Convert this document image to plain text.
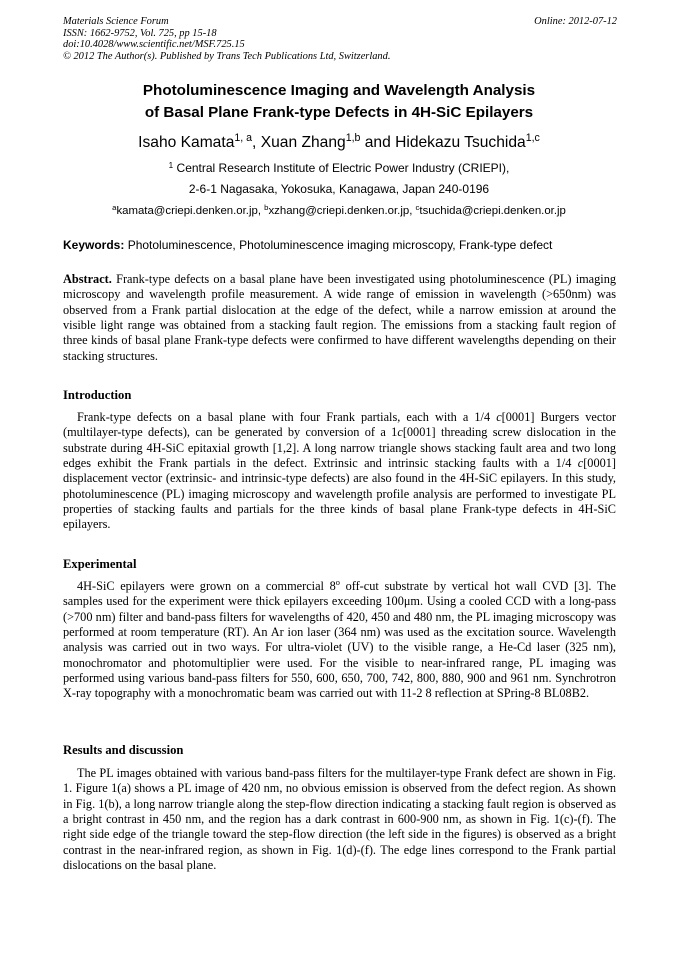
Materials Science Forum	Online: 2012-07-12
ISSN: 1662-9752, Vol. 725, pp 15-18
doi:10.4028/www.scientific.net/MSF.725.15
© 2012 The Author(s). Published by Trans Tech Publications Ltd, Switzerland.
Photoluminescence Imaging and Wavelength Analysis
of Basal Plane Frank-type Defects in 4H-SiC Epilayers
Isaho Kamata$^{1, a}$, Xuan Zhang$^{1,b}$ and Hidekazu Tsuchida$^{1,c}$
$^1$ Central Research Institute of Electric Power Industry (CRIEPI),
2-6-1 Nagasaka, Yokosuka, Kanagawa, Japan 240-0196
$^a$kamata@criepi.denken.or.jp, $^b$xzhang@criepi.denken.or.jp, $^c$tsuchida@criepi.denken.or.jp
Keywords: Photoluminescence, Photoluminescence imaging microscopy, Frank-type defect

Abstract. Frank-type defects on a basal plane have been investigated using photoluminescence (PL) imaging microscopy and wavelength profile measurement. A wide range of emission in wavelength (>650nm) was observed from a Frank partial dislocation at the edge of the defect, while a narrow emission at around the visible light range was obtained from a stacking fault region. The emissions from a stacking fault region of three kinds of basal plane Frank-type defects were confirmed to have different wavelengths depending on their stacking structures.

Introduction

Frank-type defects on a basal plane with four Frank partials, each with a 1/4 c[0001] Burgers vector (multilayer-type defects), can be generated by conversion of a 1c[0001] threading screw dislocation in the substrate during 4H-SiC epitaxial growth [1,2]. A long narrow triangle shows stacking fault area and two long edges exhibit the Frank partials in the defect. Extrinsic and intrinsic stacking faults with a 1/4 c[0001] displacement vector (extrinsic- and intrinsic-type defects) are also found in the 4H-SiC epilayers. In this study, photoluminescence (PL) imaging microscopy and wavelength profile analysis are performed to investigate PL properties of stacking faults and partials for the three kinds of basal plane Frank-type defects in 4H-SiC epilayers.

Experimental

4H-SiC epilayers were grown on a commercial 8$^o$ off-cut substrate by vertical hot wall CVD [3]. The samples used for the experiment were thick epilayers exceeding 100μm. Using a cooled CCD with a long-pass (>700 nm) filter and band-pass filters for wavelengths of 420, 450 and 480 nm, the PL imaging microscopy was performed at room temperature (RT). An Ar ion laser (364 nm) was used as the excitation source. Wavelength analysis was carried out in two ways. For ultra-violet (UV) to the visible range, a He-Cd laser (325 nm), monochromator and photomultiplier were used. For the visible to near-infrared range, PL imaging was performed using various band-pass filters for 550, 600, 650, 700, 742, 800, 880, 900 and 961 nm. Synchrotron X-ray topography with a monochromatic beam was carried out with 11-2 8 reflection at SPring-8 BL08B2.

Results and discussion

The PL images obtained with various band-pass filters for the multilayer-type Frank defect are shown in Fig. 1. Figure 1(a) shows a PL image of 420 nm, no obvious emission is observed from the defect region. As shown in Fig. 1(b), a long narrow triangle along the step-flow direction indicating a stacking fault region is observed as a bright contrast in 450 nm, and the region has a dark contrast in 600-900 nm, as shown in Fig. 1(c)-(f). The right side edge of the triangle toward the step-flow direction (the left side in the figures) is observed as a bright contrast in the near-infrared region, as shown in Fig. 1(d)-(f). The edge lines correspond to the Frank partial dislocations on the basal plane.
